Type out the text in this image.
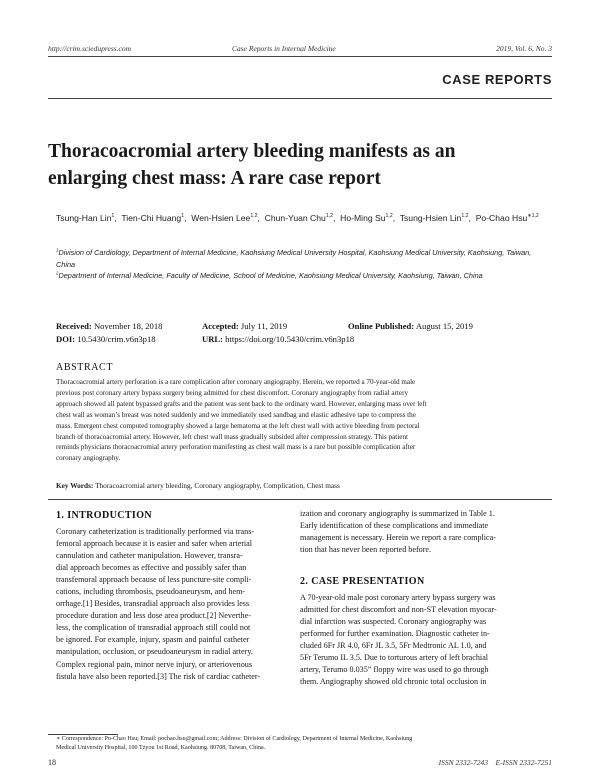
http://crim.sciedupress.com	Case Reports in Internal Medicine	2019, Vol. 6, No. 3
CASE REPORTS
Thoracoacromial artery bleeding manifests as an
enlarging chest mass: A rare case report
Tsung-Han Lin$^1$,  Tien-Chi Huang$^1$,  Wen-Hsien Lee$^{1,2}$,  Chun-Yuan Chu$^{1,2}$,  Ho-Ming Su$^{1,2}$,  Tsung-Hsien Lin$^{1,2}$,  Po-Chao Hsu$^{∗1,2}$
$^1$Division of Cardiology, Department of Internal Medicine, Kaohsiung Medical University Hospital, Kaohsiung Medical University, Kaohsiung, Taiwan, China
$^2$Department of Internal Medicine, Faculty of Medicine, School of Medicine, Kaohsiung Medical University, Kaohsiung, Taiwan, China
Received: November 18, 2018	Accepted: July 11, 2019	Online Published: August 15, 2019
DOI: 10.5430/crim.v6n3p18	URL: https://doi.org/10.5430/crim.v6n3p18
ABSTRACT
Thoracoacromial artery perforation is a rare complication after coronary angiography. Herein, we reported a 70-year-old male
previous post coronary artery bypass surgery being admitted for chest discomfort. Coronary angiography from radial artery
approach showed all patent bypassed grafts and the patient was sent back to the ordinary ward. However, enlarging mass over left
chest wall as woman’s breast was noted suddenly and we immediately used sandbag and elastic adhesive tape to compress the
mass. Emergent chest computed tomography showed a large hematoma at the left chest wall with active bleeding from pectoral
branch of thoracoacromial artery. However, left chest wall mass gradually subsided after compression strategy. This patient
reminds physicians thoracoacromial artery perforation manifesting as chest wall mass is a rare but possible complication after
coronary angiography.
Key Words: Thoracoacromial artery bleeding, Coronary angiography, Complication, Chest mass
1. INTRODUCTION
Coronary catheterization is traditionally performed via trans-
femoral approach because it is easier and safer when arterial
cannulation and catheter manipulation. However, transra-
dial approach becomes as effective and possibly safer than
transfemoral approach because of less puncture-site compli-
cations, including thrombosis, pseudoaneurysm, and hem-
orrhage.[1] Besides, transradial approach also provides less
procedure duration and less dose area product.[2] Neverthe-
less, the complication of transradial approach still could not
be ignored. For example, injury, spasm and painful catheter
manipulation, occlusion, or pseudoaneurysm in radial artery.
Complex regional pain, minor nerve injury, or arteriovenous
fistula have also been reported.[3] The risk of cardiac catheter-
ization and coronary angiography is summarized in Table 1.
Early identification of these complications and immediate
management is necessary. Herein we report a rare complica-
tion that has never been reported before.
2. CASE PRESENTATION
A 70-year-old male post coronary artery bypass surgery was
admitted for chest discomfort and non-ST elevation myocar-
dial infarction was suspected. Coronary angiography was
performed for further examination. Diagnostic catheter in-
cluded 6Fr JR 4.0, 6Fr JL 3.5, 5Fr Medtronic AL 1.0, and
5Fr Terumo IL 3.5. Due to torturous artery of left brachial
artery, Terumo 0.035” floppy wire was used to go through
them. Angiography showed old chronic total occlusion in
∗ Correspondence: Po-Chao Hsu; Email: pochao.hsu@gmail.com; Address: Division of Cardiology, Department of Internal Medicine, Kaohsiung
Medical University Hospital, 100 Tzyou 1st Road, Kaohsiung. 80708, Taiwan, China.
18	ISSN 2332-7243    E-ISSN 2332-7251
